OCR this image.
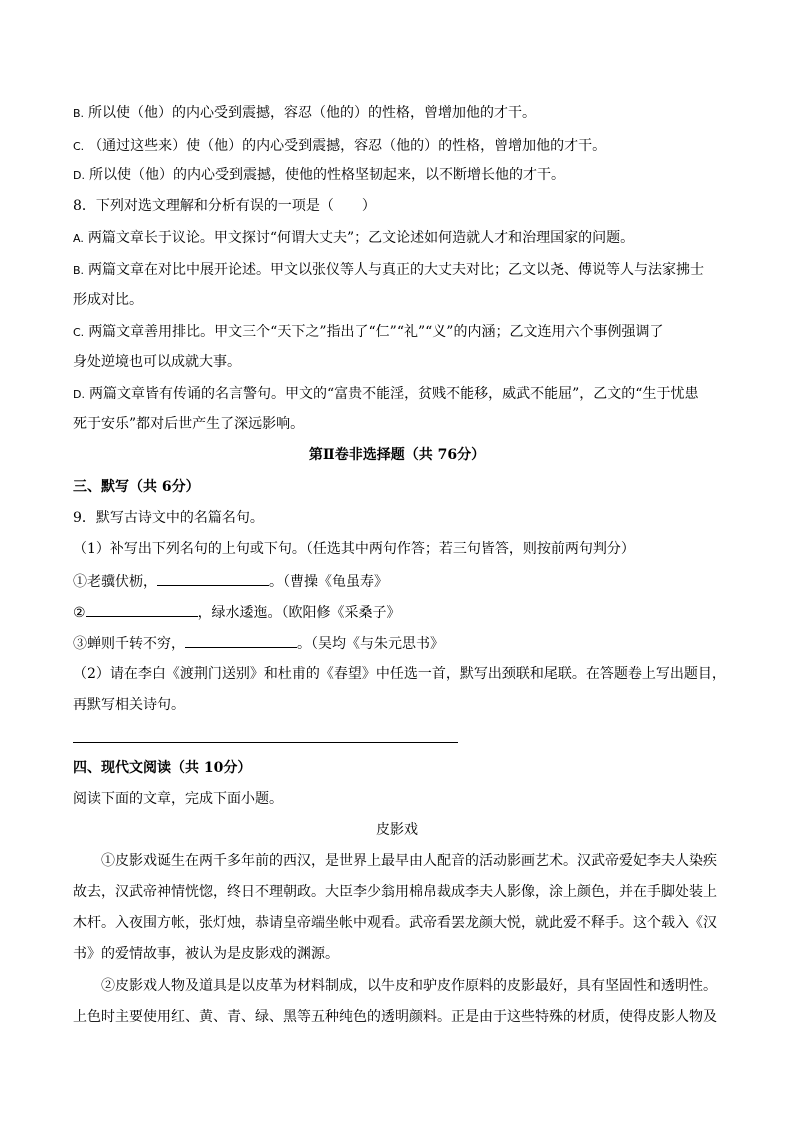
B. 所以使（他）的内心受到震撼，容忍（他的）的性格，曾增加他的才干。
C. （通过这些来）使（他）的内心受到震撼，容忍（他的）的性格，曾增加他的才干。
D. 所以使（他）的内心受到震撼，使他的性格坚韧起来，以不断增长他的才干。
8．下列对选文理解和分析有误的一项是（　　）
A. 两篇文章长于议论。甲文探讨“何谓大丈夫”；乙文论述如何造就人才和治理国家的问题。
B. 两篇文章在对比中展开论述。甲文以张仪等人与真正的大丈夫对比；乙文以尧、傅说等人与法家拂士
形成对比。
C. 两篇文章善用排比。甲文三个“天下之”指出了“仁”“礼”“义”的内涵；乙文连用六个事例强调了
身处逆境也可以成就大事。
D. 两篇文章皆有传诵的名言警句。甲文的“富贵不能淫，贫贱不能移，威武不能屈”，乙文的“生于忧患
死于安乐”都对后世产生了深远影响。
第Ⅱ卷非选择题（共 76分）
三、默写（共 6分）
9．默写古诗文中的名篇名句。
（1）补写出下列名句的上句或下句。（任选其中两句作答；若三句皆答，则按前两句判分）
①老骥伏枥，	。（曹操《龟虽寿》
②	，绿水逶迤。（欧阳修《采桑子》
③蝉则千转不穷，	。（吴均《与朱元思书》
（2）请在李白《渡荆门送别》和杜甫的《春望》中任选一首，默写出颈联和尾联。在答题卷上写出题目，
再默写相关诗句。
四、现代文阅读（共 10分）
阅读下面的文章，完成下面小题。
皮影戏
①皮影戏诞生在两千多年前的西汉，是世界上最早由人配音的活动影画艺术。汉武帝爱妃李夫人染疾
故去，汉武帝神情恍惚，终日不理朝政。大臣李少翁用棉帛裁成李夫人影像，涂上颜色，并在手脚处装上
木杆。入夜围方帐，张灯烛，恭请皇帝端坐帐中观看。武帝看罢龙颜大悦，就此爱不释手。这个载入《汉
书》的爱情故事，被认为是皮影戏的渊源。
②皮影戏人物及道具是以皮革为材料制成，以牛皮和驴皮作原料的皮影最好，具有坚固性和透明性。
上色时主要使用红、黄、青、绿、黑等五种纯色的透明颜料。正是由于这些特殊的材质，使得皮影人物及
